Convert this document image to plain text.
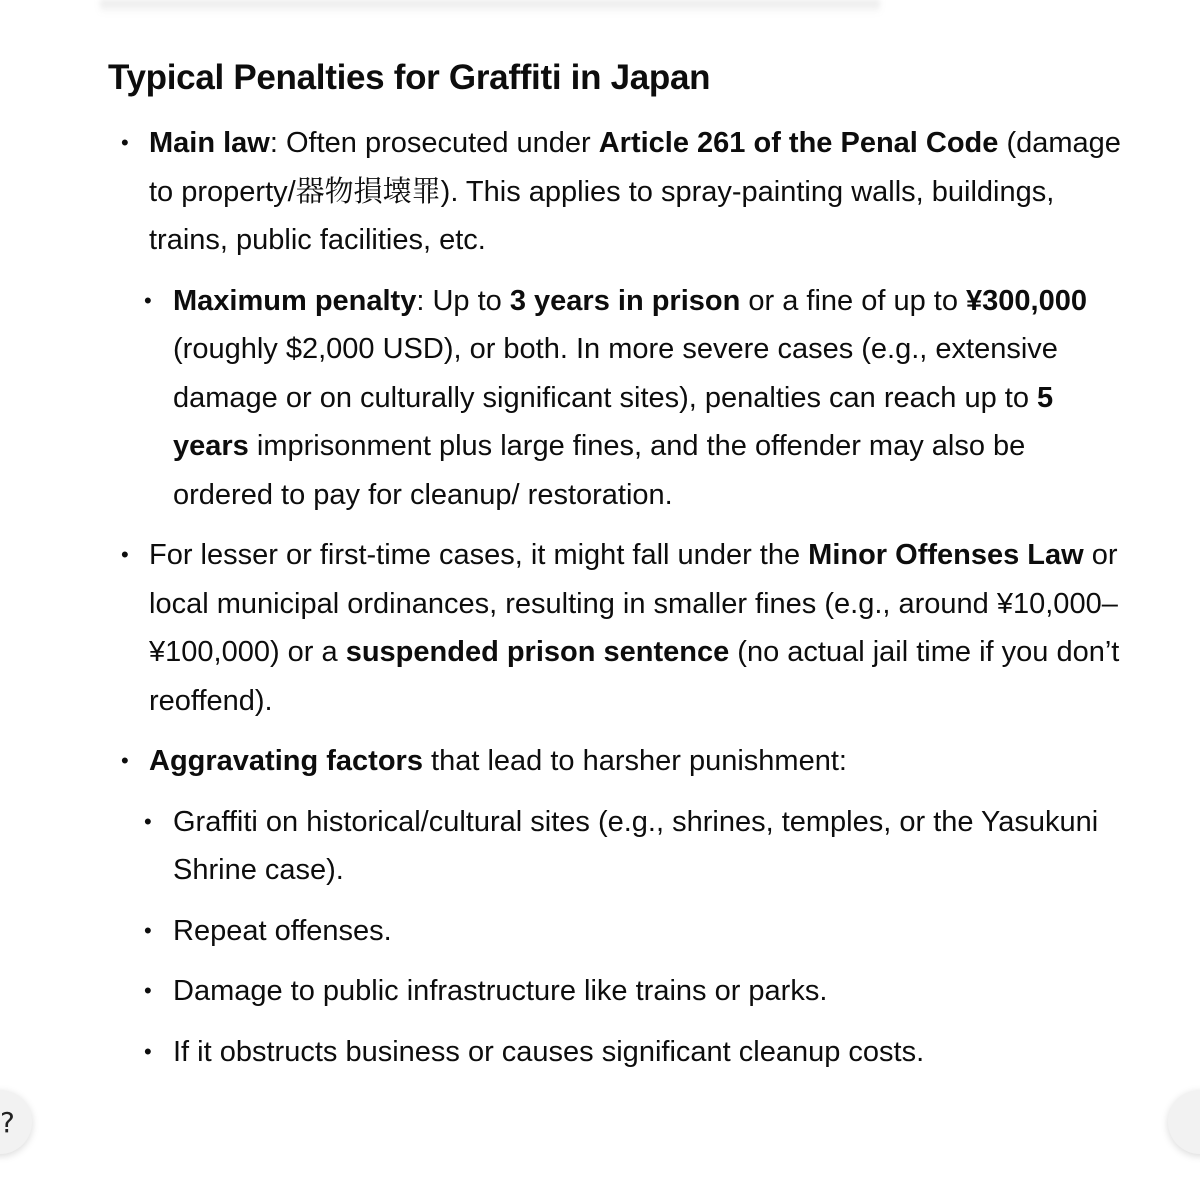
Typical Penalties for Graffiti in Japan
• Main law: Often prosecuted under Article 261 of the Penal Code (damage to property/器物損壊罪). This applies to spray-painting walls, buildings, trains, public facilities, etc.
• Maximum penalty: Up to 3 years in prison or a fine of up to ¥300,000 (roughly $2,000 USD), or both. In more severe cases (e.g., extensive damage or on culturally significant sites), penalties can reach up to 5 years imprisonment plus large fines, and the offender may also be ordered to pay for cleanup/ restoration.
• For lesser or first-time cases, it might fall under the Minor Offenses Law or local municipal ordinances, resulting in smaller fines (e.g., around ¥10,000–¥100,000) or a suspended prison sentence (no actual jail time if you don’t reoffend).
• Aggravating factors that lead to harsher punishment:
• Graffiti on historical/cultural sites (e.g., shrines, temples, or the Yasukuni Shrine case).
• Repeat offenses.
• Damage to public infrastructure like trains or parks.
• If it obstructs business or causes significant cleanup costs.
?
